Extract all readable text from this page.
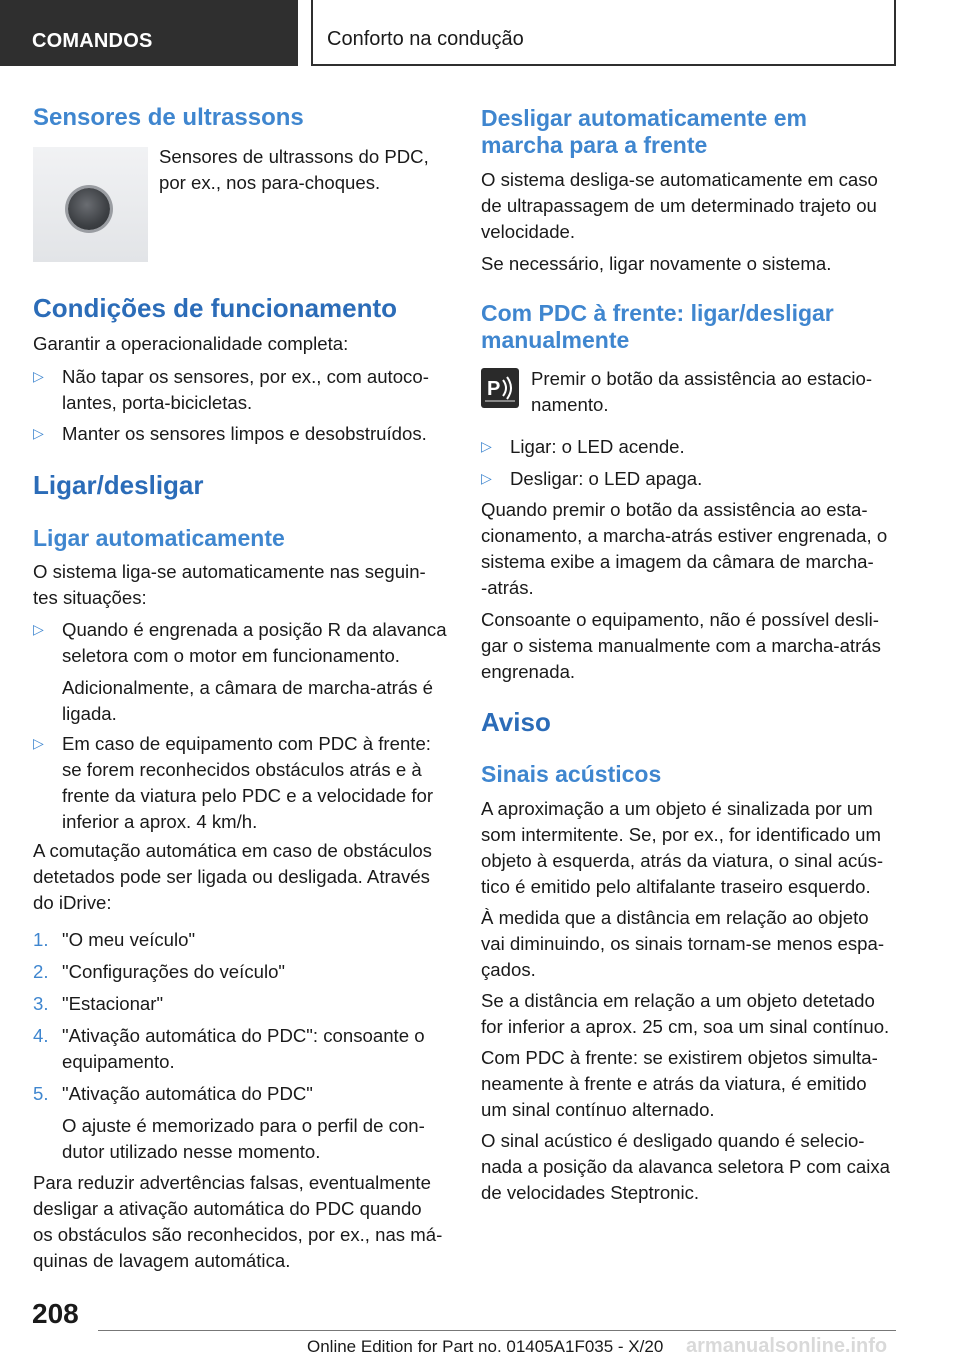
COMANDOS	Conforto na condução
Sensores de ultrassons

Sensores de ultrassons do PDC,

por ex., nos para-choques.

Condições de funcionamento

Garantir a operacionalidade completa:

▷ Não tapar os sensores, por ex., com autoco‐
lantes, porta-bicicletas.
▷ Manter os sensores limpos e desobstruídos.
Ligar/desligar
Ligar automaticamente

O sistema liga-se automaticamente nas seguin‐

tes situações:

▷ Quando é engrenada a posição R da alavanca
seletora com o motor em funcionamento.
Adicionalmente, a câmara de marcha-atrás é
ligada.
▷ Em caso de equipamento com PDC à frente:
se forem reconhecidos obstáculos atrás e à
frente da viatura pelo PDC e a velocidade for
inferior a aprox. 4 km/h.

A comutação automática em caso de obstáculos

detetados pode ser ligada ou desligada. Através

do iDrive:

1. "O meu veículo"
2. "Configurações do veículo"
3. "Estacionar"
4. "Ativação automática do PDC": consoante o
equipamento.
5. "Ativação automática do PDC"
O ajuste é memorizado para o perfil de con‐
dutor utilizado nesse momento.

Para reduzir advertências falsas, eventualmente

desligar a ativação automática do PDC quando

os obstáculos são reconhecidos, por ex., nas má‐

quinas de lavagem automática.

Desligar automaticamente em
marcha para a frente

O sistema desliga-se automaticamente em caso

de ultrapassagem de um determinado trajeto ou

velocidade.

Se necessário, ligar novamente o sistema.

Com PDC à frente: ligar/desligar
manualmente
P Premir o botão da assistência ao estacio‐

namento.

▷ Ligar: o LED acende.
▷ Desligar: o LED apaga.

Quando premir o botão da assistência ao esta‐

cionamento, a marcha-atrás estiver engrenada, o

sistema exibe a imagem da câmara de marcha‐

-atrás.

Consoante o equipamento, não é possível desli‐

gar o sistema manualmente com a marcha-atrás

engrenada.

Aviso
Sinais acústicos

A aproximação a um objeto é sinalizada por um

som intermitente. Se, por ex., for identificado um

objeto à esquerda, atrás da viatura, o sinal acús‐

tico é emitido pelo altifalante traseiro esquerdo.

À medida que a distância em relação ao objeto

vai diminuindo, os sinais tornam-se menos espa‐

çados.

Se a distância em relação a um objeto detetado

for inferior a aprox. 25 cm, soa um sinal contínuo.

Com PDC à frente: se existirem objetos simulta‐

neamente à frente e atrás da viatura, é emitido

um sinal contínuo alternado.

O sinal acústico é desligado quando é selecio‐

nada a posição da alavanca seletora P com caixa

de velocidades Steptronic.

208
Online Edition for Part no. 01405A1F035 - X/20 armanualsonline.info
